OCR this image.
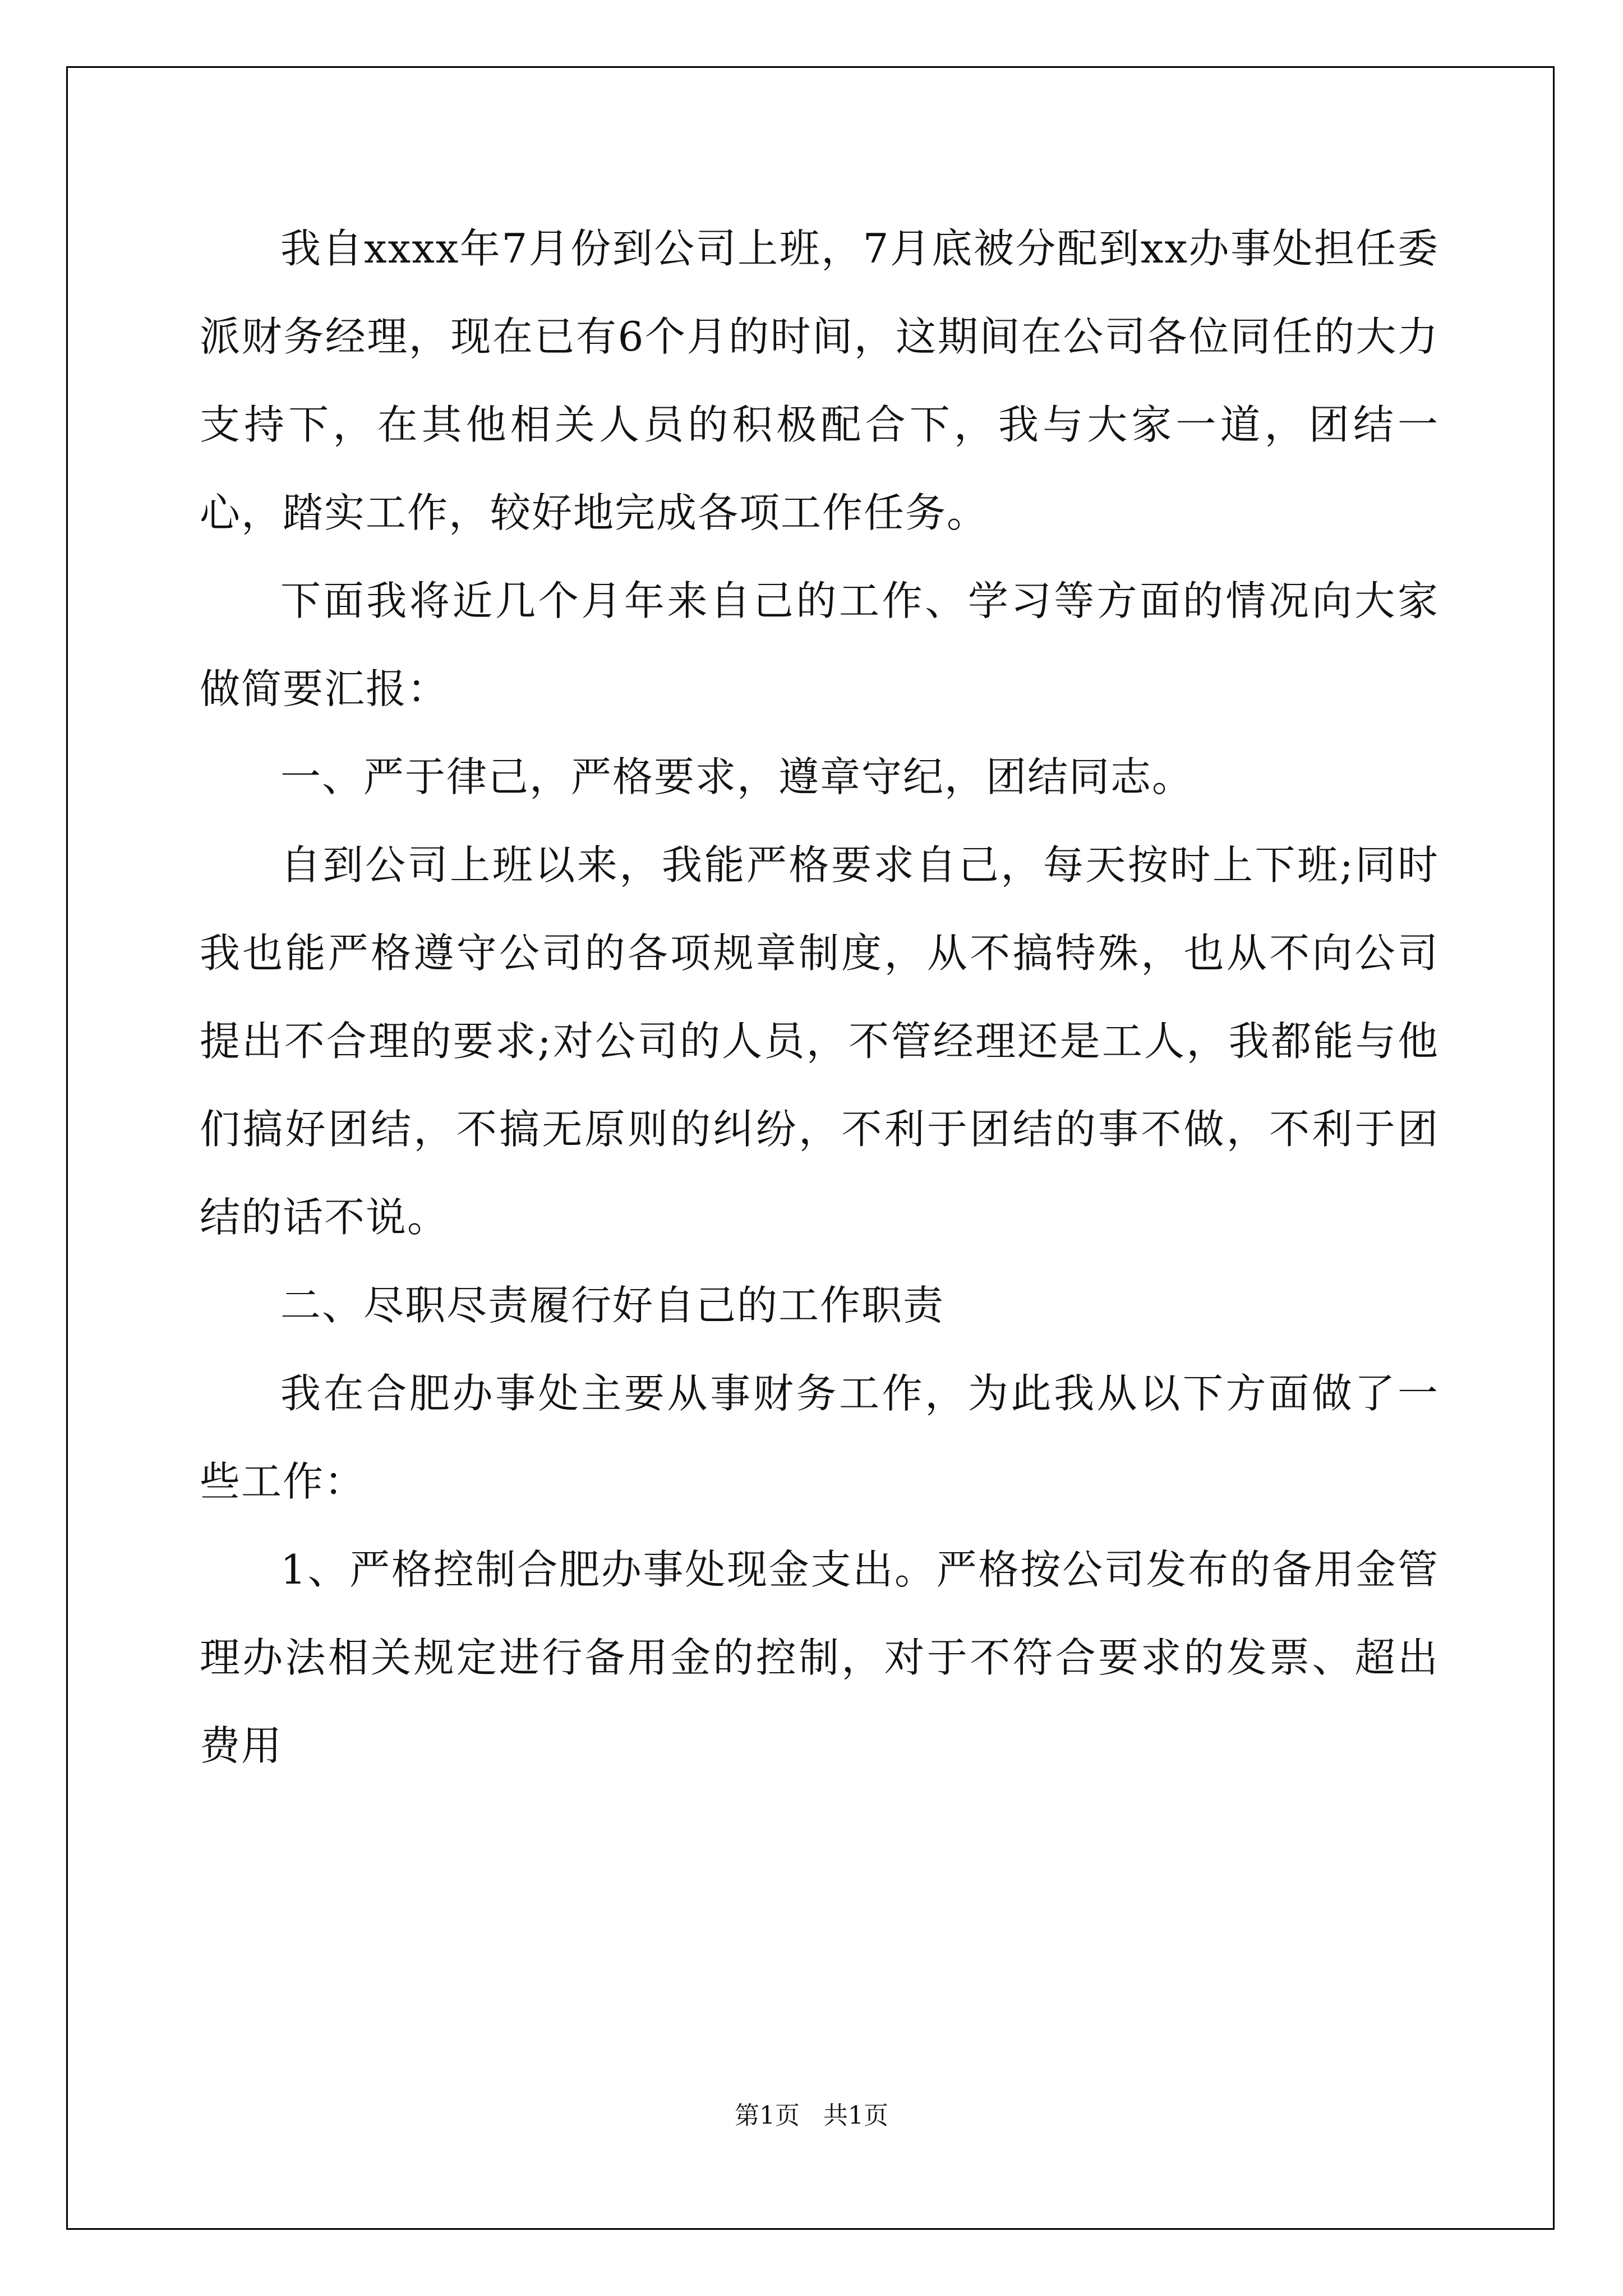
我自xxxx年7月份到公司上班，7月底被分配到xx办事处担任委派财务经理，现在已有6个月的时间，这期间在公司各位同任的大力支持下，在其他相关人员的积极配合下，我与大家一道，团结一心，踏实工作，较好地完成各项工作任务。

下面我将近几个月年来自己的工作、学习等方面的情况向大家做简要汇报：

一、严于律己，严格要求，遵章守纪，团结同志。

自到公司上班以来，我能严格要求自己，每天按时上下班;同时我也能严格遵守公司的各项规章制度，从不搞特殊，也从不向公司提出不合理的要求;对公司的人员，不管经理还是工人，我都能与他们搞好团结，不搞无原则的纠纷，不利于团结的事不做，不利于团结的话不说。

二、尽职尽责履行好自己的工作职责

我在合肥办事处主要从事财务工作，为此我从以下方面做了一些工作：

1、严格控制合肥办事处现金支出。严格按公司发布的备用金管理办法相关规定进行备用金的控制，对于不符合要求的发票、超出费用

第1页   共1页
